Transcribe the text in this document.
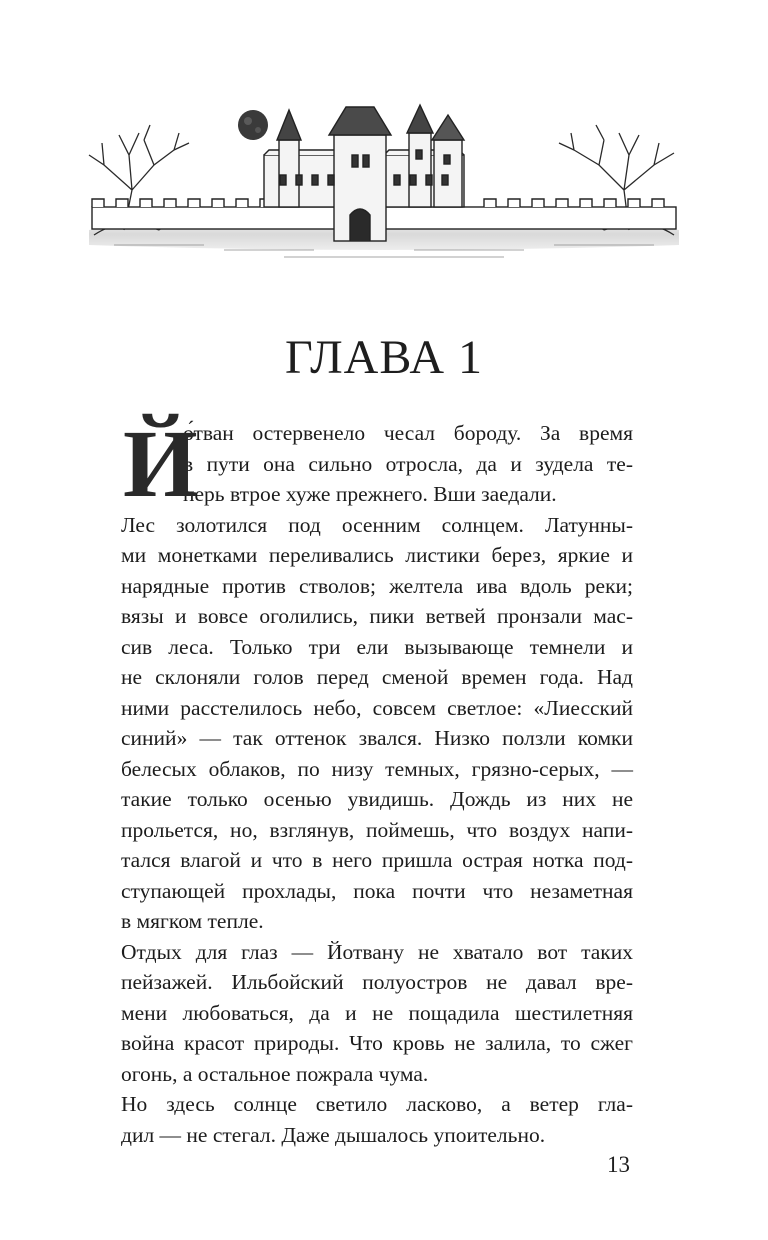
ГЛАВА 1
Й
о́тван остервенело чесал бороду. За время
в пути она сильно отросла, да и зудела те-
перь втрое хуже прежнего. Вши заедали.
Лес золотился под осенним солнцем. Латунны-
ми монетками переливались листики берез, яркие и
нарядные против стволов; желтела ива вдоль реки;
вязы и вовсе оголились, пики ветвей пронзали мас-
сив леса. Только три ели вызывающе темнели и
не склоняли голов перед сменой времен года. Над
ними расстелилось небо, совсем светлое: «Лиесский
синий» — так оттенок звался. Низко ползли комки
белесых облаков, по низу темных, грязно-серых, —
такие только осенью увидишь. Дождь из них не
прольется, но, взглянув, поймешь, что воздух напи-
тался влагой и что в него пришла острая нотка под-
ступающей прохлады, пока почти что незаметная
в мягком тепле.
Отдых для глаз — Йотвану не хватало вот таких
пейзажей. Ильбойский полуостров не давал вре-
мени любоваться, да и не пощадила шестилетняя
война красот природы. Что кровь не залила, то сжег
огонь, а остальное пожрала чума.
Но здесь солнце светило ласково, а ветер гла-
дил — не стегал. Даже дышалось упоительно.
13
